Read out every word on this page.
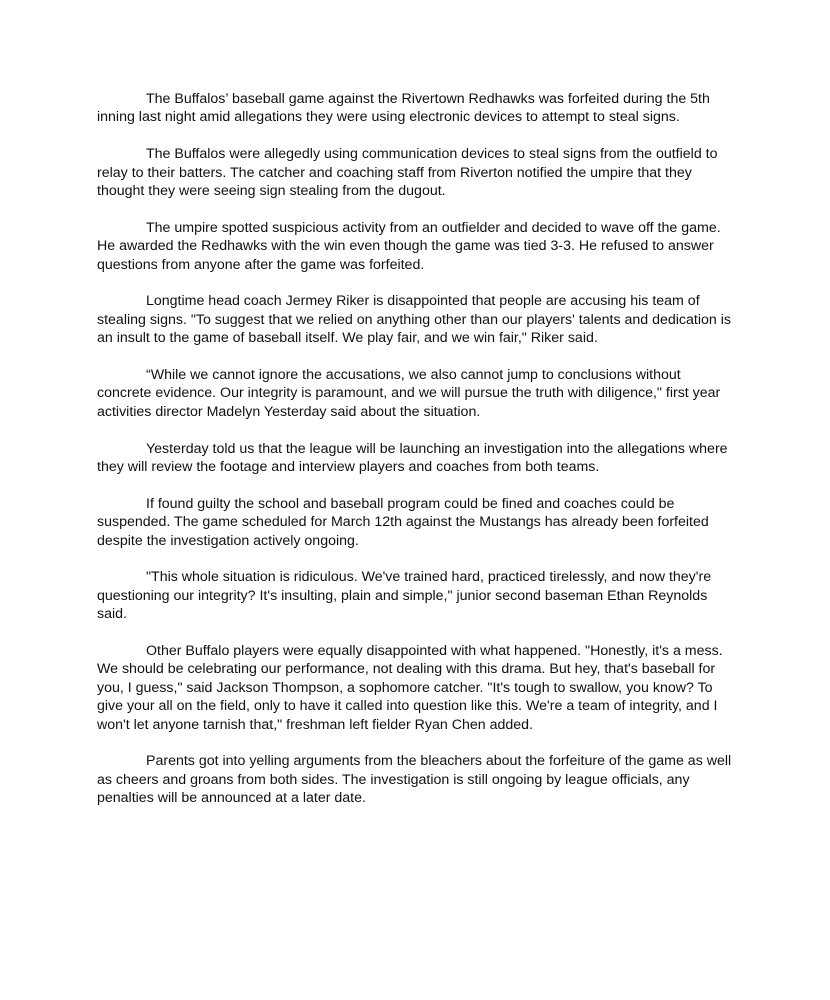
The Buffalos’ baseball game against the Rivertown Redhawks was forfeited during the 5th inning last night amid allegations they were using electronic devices to attempt to steal signs.

The Buffalos were allegedly using communication devices to steal signs from the outfield to relay to their batters. The catcher and coaching staff from Riverton notified the umpire that they thought they were seeing sign stealing from the dugout.

The umpire spotted suspicious activity from an outfielder and decided to wave off the game. He awarded the Redhawks with the win even though the game was tied 3-3. He refused to answer questions from anyone after the game was forfeited.

Longtime head coach Jermey Riker is disappointed that people are accusing his team of stealing signs. "To suggest that we relied on anything other than our players' talents and dedication is an insult to the game of baseball itself. We play fair, and we win fair," Riker said.

“While we cannot ignore the accusations, we also cannot jump to conclusions without concrete evidence. Our integrity is paramount, and we will pursue the truth with diligence," first year activities director Madelyn Yesterday said about the situation.

Yesterday told us that the league will be launching an investigation into the allegations where they will review the footage and interview players and coaches from both teams.

If found guilty the school and baseball program could be fined and coaches could be suspended. The game scheduled for March 12th against the Mustangs has already been forfeited despite the investigation actively ongoing.

"This whole situation is ridiculous. We've trained hard, practiced tirelessly, and now they're questioning our integrity? It's insulting, plain and simple," junior second baseman Ethan Reynolds said.

Other Buffalo players were equally disappointed with what happened. "Honestly, it's a mess. We should be celebrating our performance, not dealing with this drama. But hey, that's baseball for you, I guess," said Jackson Thompson, a sophomore catcher. "It's tough to swallow, you know? To give your all on the field, only to have it called into question like this. We're a team of integrity, and I won't let anyone tarnish that," freshman left fielder Ryan Chen added.

Parents got into yelling arguments from the bleachers about the forfeiture of the game as well as cheers and groans from both sides. The investigation is still ongoing by league officials, any penalties will be announced at a later date.
